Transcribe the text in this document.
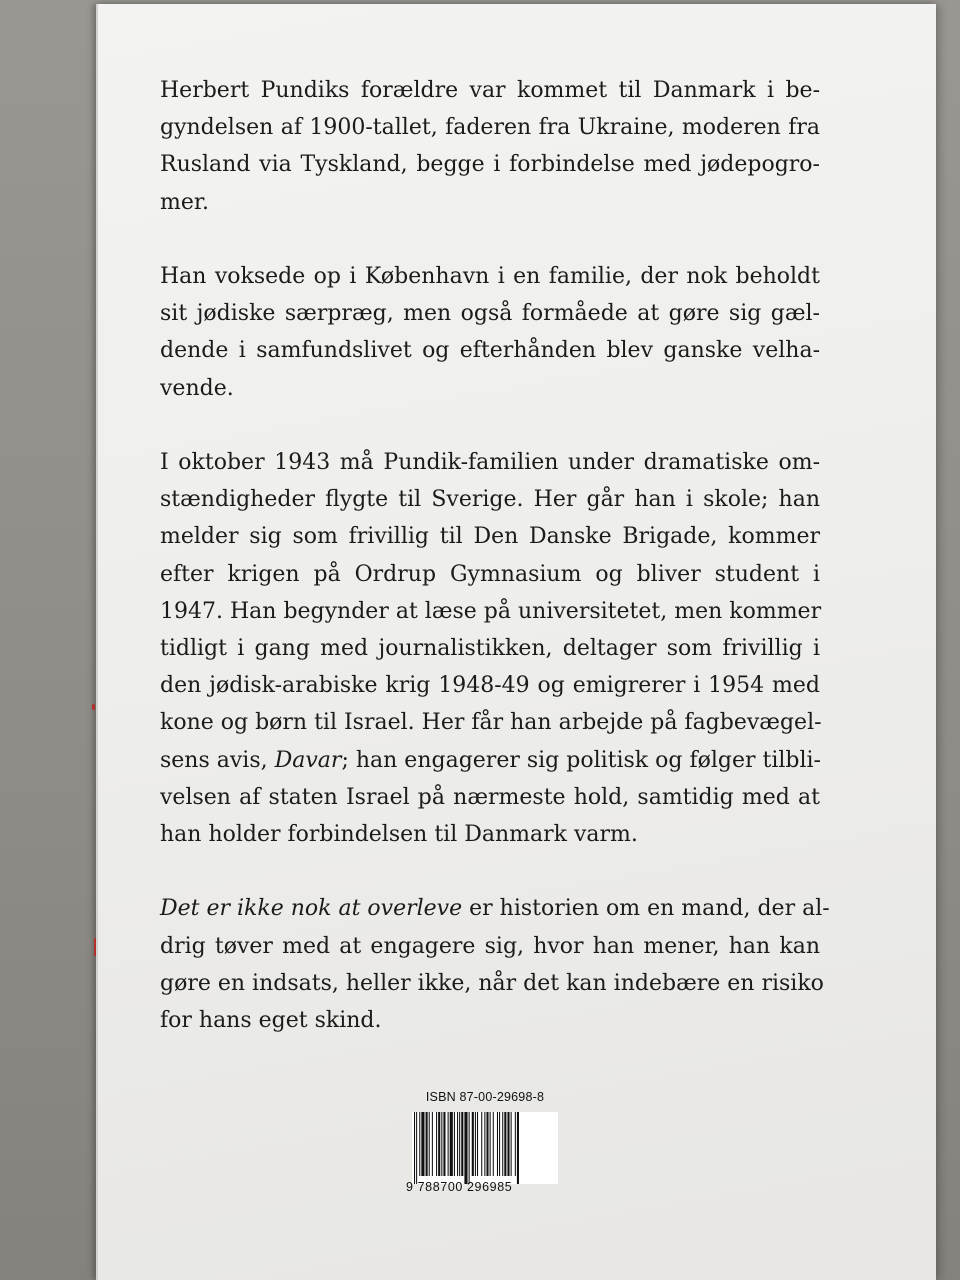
Herbert Pundiks forældre var kommet til Danmark i be-
gyndelsen af 1900-tallet, faderen fra Ukraine, moderen fra
Rusland via Tyskland, begge i forbindelse med jødepogro-
mer.

Han voksede op i København i en familie, der nok beholdt
sit jødiske særpræg, men også formåede at gøre sig gæl-
dende i samfundslivet og efterhånden blev ganske velha-
vende.

I oktober 1943 må Pundik-familien under dramatiske om-
stændigheder flygte til Sverige. Her går han i skole; han
melder sig som frivillig til Den Danske Brigade, kommer
efter krigen på Ordrup Gymnasium og bliver student i
1947. Han begynder at læse på universitetet, men kommer
tidligt i gang med journalistikken, deltager som frivillig i
den jødisk-arabiske krig 1948-49 og emigrerer i 1954 med
kone og børn til Israel. Her får han arbejde på fagbevægel-
sens avis, Davar; han engagerer sig politisk og følger tilbli-
velsen af staten Israel på nærmeste hold, samtidig med at
han holder forbindelsen til Danmark varm.

Det er ikke nok at overleve er historien om en mand, der al-
drig tøver med at engagere sig, hvor han mener, han kan
gøre en indsats, heller ikke, når det kan indebære en risiko
for hans eget skind.

ISBN 87-00-29698-8
9 788700 296985
